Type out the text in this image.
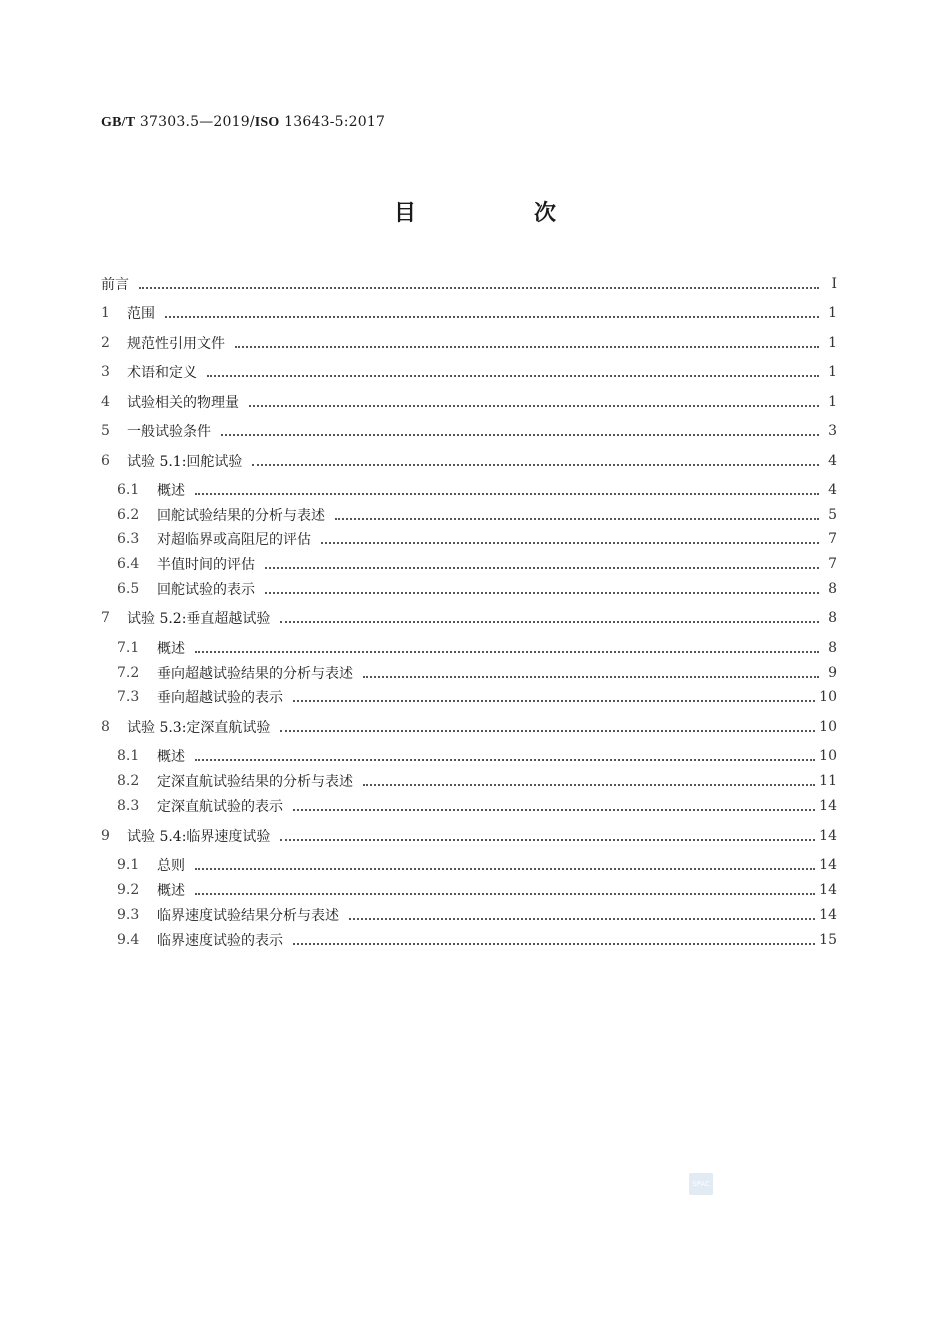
GB/T 37303.5—2019/ISO 13643-5:2017
目　次
前言	Ⅰ
1	范围	1
2	规范性引用文件	1
3	术语和定义	1
4	试验相关的物理量	1
5	一般试验条件	3
6	试验 5.1:回舵试验	4
6.1	概述	4
6.2	回舵试验结果的分析与表述	5
6.3	对超临界或高阻尼的评估	7
6.4	半值时间的评估	7
6.5	回舵试验的表示	8
7	试验 5.2:垂直超越试验	8
7.1	概述	8
7.2	垂向超越试验结果的分析与表述	9
7.3	垂向超越试验的表示	10
8	试验 5.3:定深直航试验	10
8.1	概述	10
8.2	定深直航试验结果的分析与表述	11
8.3	定深直航试验的表示	14
9	试验 5.4:临界速度试验	14
9.1	总则	14
9.2	概述	14
9.3	临界速度试验结果分析与表述	14
9.4	临界速度试验的表示	15
SPAC
